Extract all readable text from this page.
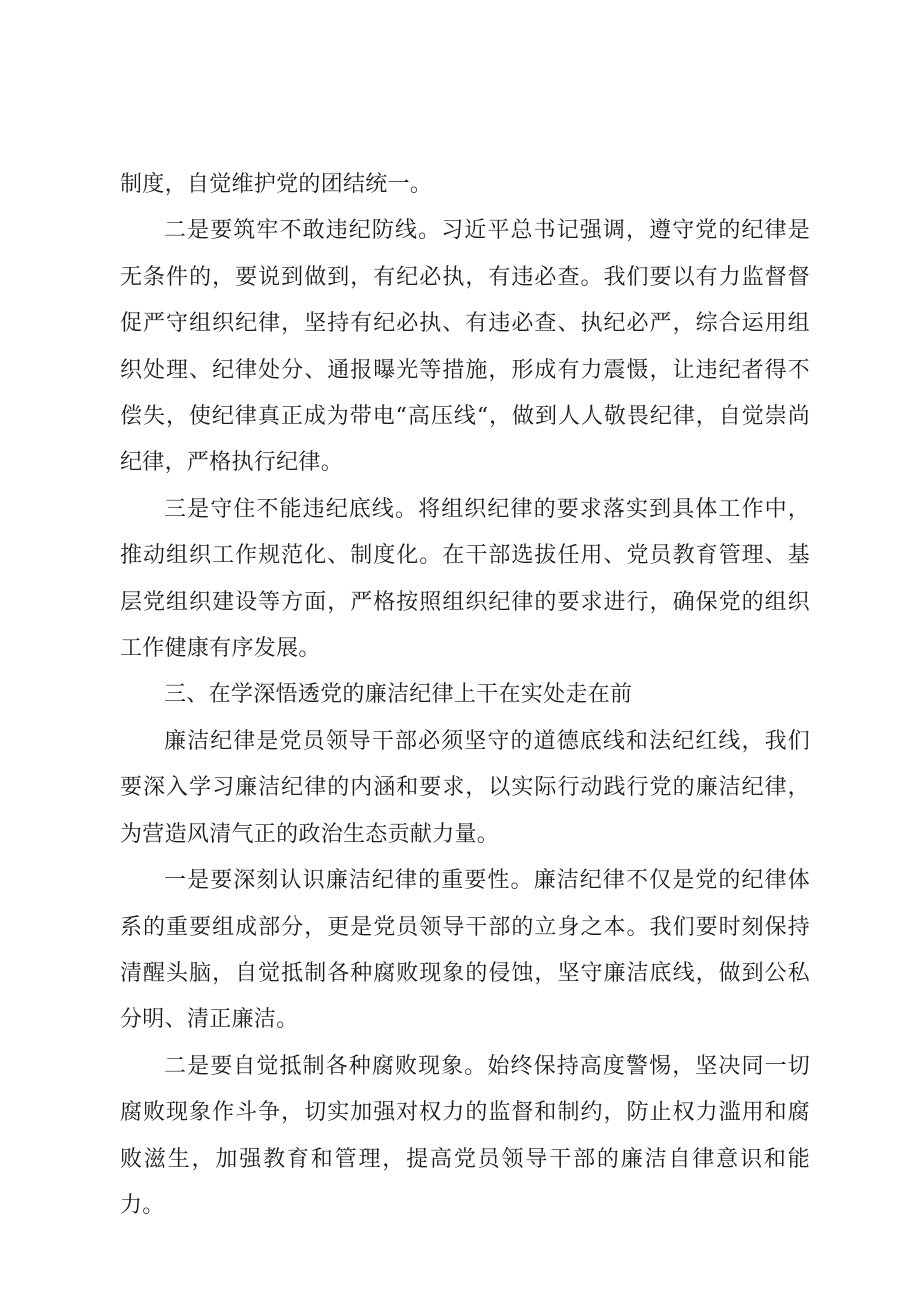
制度，自觉维护党的团结统一。

二是要筑牢不敢违纪防线。习近平总书记强调，遵守党的纪律是无条件的，要说到做到，有纪必执，有违必查。我们要以有力监督督促严守组织纪律，坚持有纪必执、有违必查、执纪必严，综合运用组织处理、纪律处分、通报曝光等措施，形成有力震慑，让违纪者得不偿失，使纪律真正成为带电“高压线“，做到人人敬畏纪律，自觉崇尚纪律，严格执行纪律。

三是守住不能违纪底线。将组织纪律的要求落实到具体工作中，推动组织工作规范化、制度化。在干部选拔任用、党员教育管理、基层党组织建设等方面，严格按照组织纪律的要求进行，确保党的组织工作健康有序发展。

三、在学深悟透党的廉洁纪律上干在实处走在前

廉洁纪律是党员领导干部必须坚守的道德底线和法纪红线，我们要深入学习廉洁纪律的内涵和要求，以实际行动践行党的廉洁纪律，为营造风清气正的政治生态贡献力量。

一是要深刻认识廉洁纪律的重要性。廉洁纪律不仅是党的纪律体系的重要组成部分，更是党员领导干部的立身之本。我们要时刻保持清醒头脑，自觉抵制各种腐败现象的侵蚀，坚守廉洁底线，做到公私分明、清正廉洁。

二是要自觉抵制各种腐败现象。始终保持高度警惕，坚决同一切腐败现象作斗争，切实加强对权力的监督和制约，防止权力滥用和腐败滋生，加强教育和管理，提高党员领导干部的廉洁自律意识和能力。
